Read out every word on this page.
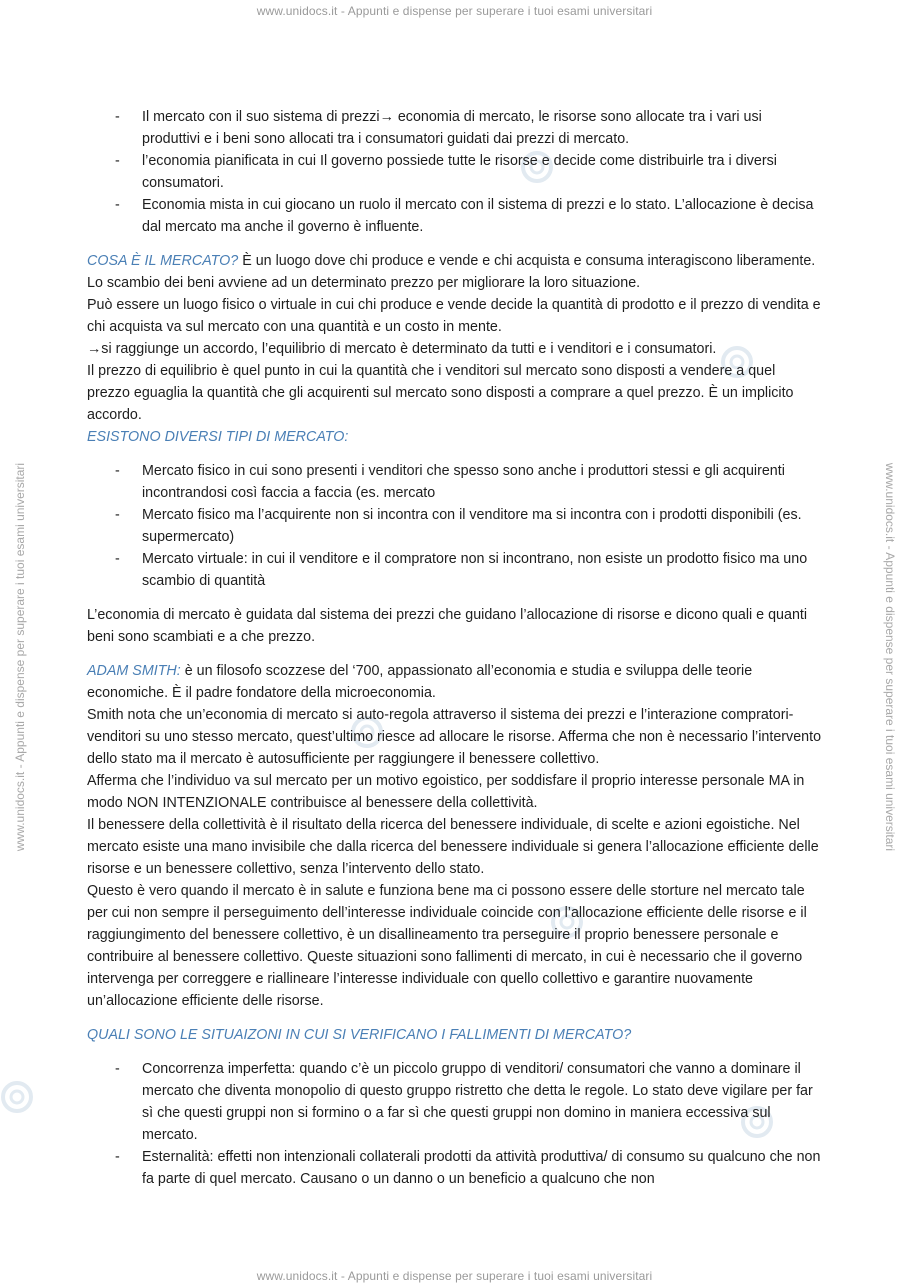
www.unidocs.it - Appunti e dispense per superare i tuoi esami universitari
www.unidocs.it - Appunti e dispense per superare i tuoi esami universitari
www.unidocs.it - Appunti e dispense per superare i tuoi esami universitari	www.unidocs.it - Appunti e dispense per superare i tuoi esami universitari
- Il mercato con il suo sistema di prezzi→ economia di mercato, le risorse sono allocate tra i vari usi produttivi e i beni sono allocati tra i consumatori guidati dai prezzi di mercato.
- l’economia pianificata in cui Il governo possiede tutte le risorse e decide come distribuirle tra i diversi consumatori.
- Economia mista in cui giocano un ruolo il mercato con il sistema di prezzi e lo stato. L’allocazione è decisa dal mercato ma anche il governo è influente.

COSA È IL MERCATO? È un luogo dove chi produce e vende e chi acquista e consuma interagiscono liberamente. Lo scambio dei beni avviene ad un determinato prezzo per migliorare la loro situazione.

Può essere un luogo fisico o virtuale in cui chi produce e vende decide la quantità di prodotto e il prezzo di vendita e chi acquista va sul mercato con una quantità e un costo in mente.

→si raggiunge un accordo, l’equilibrio di mercato è determinato da tutti e i venditori e i consumatori.

Il prezzo di equilibrio è quel punto in cui la quantità che i venditori sul mercato sono disposti a vendere a quel prezzo eguaglia la quantità che gli acquirenti sul mercato sono disposti a comprare a quel prezzo. È un implicito accordo.

ESISTONO DIVERSI TIPI DI MERCATO:

- Mercato fisico in cui sono presenti i venditori che spesso sono anche i produttori stessi e gli acquirenti incontrandosi così faccia a faccia (es. mercato
- Mercato fisico ma l’acquirente non si incontra con il venditore ma si incontra con i prodotti disponibili (es. supermercato)
- Mercato virtuale: in cui il venditore e il compratore non si incontrano, non esiste un prodotto fisico ma uno scambio di quantità

L’economia di mercato è guidata dal sistema dei prezzi che guidano l’allocazione di risorse e dicono quali e quanti beni sono scambiati e a che prezzo.

ADAM SMITH: è un filosofo scozzese del ‘700, appassionato all’economia e studia e sviluppa delle teorie economiche. È il padre fondatore della microeconomia.

Smith nota che un’economia di mercato si auto-regola attraverso il sistema dei prezzi e l’interazione compratori-venditori su uno stesso mercato, quest’ultimo riesce ad allocare le risorse. Afferma che non è necessario l’intervento dello stato ma il mercato è autosufficiente per raggiungere il benessere collettivo.

Afferma che l’individuo va sul mercato per un motivo egoistico, per soddisfare il proprio interesse personale MA in modo NON INTENZIONALE contribuisce al benessere della collettività.

Il benessere della collettività è il risultato della ricerca del benessere individuale, di scelte e azioni egoistiche. Nel mercato esiste una mano invisibile che dalla ricerca del benessere individuale si genera l’allocazione efficiente delle risorse e un benessere collettivo, senza l’intervento dello stato.

Questo è vero quando il mercato è in salute e funziona bene ma ci possono essere delle storture nel mercato tale per cui non sempre il perseguimento dell’interesse individuale coincide con l’allocazione efficiente delle risorse e il raggiungimento del benessere collettivo, è un disallineamento tra perseguire il proprio benessere personale e contribuire al benessere collettivo. Queste situazioni sono fallimenti di mercato, in cui è necessario che il governo intervenga per correggere e riallineare l’interesse individuale con quello collettivo e garantire nuovamente un’allocazione efficiente delle risorse.

QUALI SONO LE SITUAIZONI IN CUI SI VERIFICANO I FALLIMENTI DI MERCATO?

- Concorrenza imperfetta: quando c’è un piccolo gruppo di venditori/ consumatori che vanno a dominare il mercato che diventa monopolio di questo gruppo ristretto che detta le regole. Lo stato deve vigilare per far sì che questi gruppi non si formino o a far sì che questi gruppi non domino in maniera eccessiva sul mercato.
- Esternalità: effetti non intenzionali collaterali prodotti da attività produttiva/ di consumo su qualcuno che non fa parte di quel mercato. Causano o un danno o un beneficio a qualcuno che non
